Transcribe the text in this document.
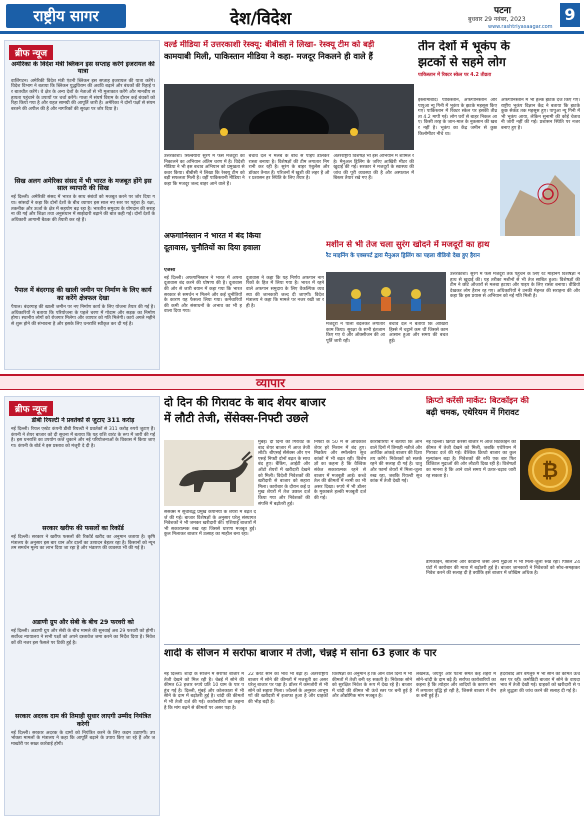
राष्ट्रीय सागर	देश/विदेश	पटना
बुधवार 29 नवंबर, 2023 9
www.rashtriyasaagar.com
ब्रीफ न्यूज
अमेरिका के विदेश मंत्री ब्लिंकन इस सप्ताह करेंगे इजरायल की यात्रा
वाशिंगटन। अमेरिकी विदेश मंत्री एंटनी ब्लिंकन इस सप्ताह इजरायल की यात्रा करेंगे। विदेश विभाग ने बताया कि ब्लिंकन युद्धविराम की अवधि बढ़ाने और बंधकों की रिहाई पर बातचीत करेंगे। वे क्षेत्र के अन्य देशों के नेताओं से भी मुलाकात करेंगे और मानवीय सहायता पहुंचाने के उपायों पर चर्चा करेंगे। गाजा में संघर्ष विराम के दौरान कई बंधकों को रिहा किया गया है और राहत सामग्री की आपूर्ति जारी है। अमेरिका ने दोनों पक्षों से संयम बरतने की अपील की है और नागरिकों की सुरक्षा पर जोर दिया है।
सिख अलग अमेरिका संसद में भी भारत के मजबूत होंगे इस साल व्यापारी की सिख
नई दिल्ली। अमेरिकी संसद में भारत के साथ संबंधों को मजबूत करने पर जोर दिया गया। सांसदों ने कहा कि दोनों देशों के बीच व्यापार इस साल नए स्तर पर पहुंचा है। रक्षा, तकनीक और ऊर्जा के क्षेत्र में सहयोग बढ़ रहा है। भारतीय समुदाय के योगदान की सराहना की गई और शिक्षा तथा अनुसंधान में साझेदारी बढ़ाने की बात कही गई। दोनों देशों के अधिकारी आगामी बैठक की तैयारी कर रहे हैं।
पैपाल में बंदरगाह की खाली जमीन पर निर्माण के लिए कार्य का करेंगे क्षेत्रफल देखा
पैपाल। बंदरगाह की खाली जमीन पर नए निर्माण कार्य के लिए योजना तैयार की गई है। अधिकारियों ने बताया कि परियोजना के पहले चरण में गोदाम और सड़क का निर्माण होगा। स्थानीय लोगों को रोजगार मिलेगा और व्यापार को गति मिलेगी। कार्य अगले महीने से शुरू होने की संभावना है और इसके लिए धनराशि स्वीकृत कर दी गई है।
वर्ल्ड मीडिया में उत्तरकाशी रेस्क्यू: बीबीसी ने लिखा- रेस्क्यू टीम को बड़ी
कामयाबी मिली, पाकिस्तान मीडिया ने कहा- मजदूर निकलने ही वाले हैं
उत्तरकाशी। सिल्क्यारा सुरंग में फंसे मजदूरों को निकालने का अभियान अंतिम चरण में है। विदेशी मीडिया ने भी इस बचाव अभियान को प्रमुखता से कवर किया। बीबीसी ने लिखा कि रेस्क्यू टीम को बड़ी सफलता मिली है। वहीं पाकिस्तानी मीडिया ने कहा कि मजदूर जल्द बाहर आने वाले हैं।
बचाव दल ने मलबे के बीच से पाइप डालकर रास्ता बनाया है। विशेषज्ञों की टीम लगातार निगरानी कर रही है। सुरंग के बाहर एंबुलेंस और डॉक्टर तैनात हैं। परिजनों में खुशी की लहर है और प्रशासन हर स्थिति के लिए तैयार है।
अंतरराष्ट्रीय विशेषज्ञ भी इस अभियान में शामिल रहे। मैनुअल ड्रिलिंग के जरिए आखिरी मीटर की खुदाई की गई। सरकार ने मजदूरों के स्वास्थ्य की जांच की पूरी व्यवस्था की है और अस्पताल में बिस्तर तैयार रखे गए हैं।
अफगानिस्तान ने भारत में बंद किया
दूतावास, चुनौतियों का दिया हवाला
एजेंसी
नई दिल्ली। अफगानिस्तान ने भारत में अपना दूतावास बंद करने की घोषणा की है। दूतावास की ओर से जारी बयान में कहा गया कि भारत सरकार से समर्थन न मिलने और कई चुनौतियों के कारण यह फैसला लिया गया। कर्मचारियों की कमी और संसाधनों के अभाव का भी हवाला दिया गया।
दूतावास ने कहा कि यह निर्णय अफगान नागरिकों के हित में लिया गया है। भारत में रहने वाले अफगान समुदाय के लिए वैकल्पिक व्यवस्था की जानकारी जल्द दी जाएगी। विदेश मंत्रालय ने कहा कि मामले पर नजर रखी जा रही है।
मशीन से भी तेज चला सुरंग खोदने में मजदूरों का हाथ
रैट माइनिंग के एक्सपर्ट द्वारा मैनुअल ड्रिलिंग का पहला वीडियो देख हुए हैरान
उत्तरकाशी। सुरंग में फंसे मजदूरों तक पहुंचने के लिए रैट माइनिंग विशेषज्ञों ने हाथ से खुदाई की। यह तरीका मशीनों से भी तेज साबित हुआ। विशेषज्ञों की टीम ने छोटे औजारों से मलबा हटाया और पाइप के लिए रास्ता बनाया। वीडियो देखकर लोग हैरान रह गए। अधिकारियों ने उनकी मेहनत की सराहना की और कहा कि इस प्रयास से अभियान को नई गति मिली है।
मजदूरों ने पाली बदलकर लगातार काम किया। सुरक्षा के सभी इंतजाम किए गए थे और ऑक्सीजन की आपूर्ति जारी रही।
बचाव दल ने बताया कि आखिरी हिस्से में चट्टानें कम थीं जिससे काम आसान हुआ और समय की बचत हुई।
तीन देशों में भूकंप के
झटकों से सहमे लोग
पाकिस्तान में रिक्टर स्केल पर 4.2 तीव्रता
इस्लामाबाद। पाकिस्तान, अफगानिस्तान और पापुआ न्यू गिनी में भूकंप के झटके महसूस किए गए। पाकिस्तान में रिक्टर स्केल पर इसकी तीव्रता 4.2 मापी गई। लोग घरों से बाहर निकल आए। किसी तरह के जान-माल के नुकसान की खबर नहीं है। भूकंप का केंद्र जमीन से कुछ किलोमीटर नीचे था।
अफगानिस्तान में भी हल्के झटके दर्ज किए गए। राष्ट्रीय भूकंप विज्ञान केंद्र ने बताया कि झटके कुछ सेकंड तक महसूस हुए। पापुआ न्यू गिनी में भी भूकंप आया, लेकिन सुनामी की कोई चेतावनी जारी नहीं की गई। प्रशासन स्थिति पर नजर बनाए हुए है।
व्यापार
ब्रीफ न्यूज
डीबी रियल्टी ने प्रवर्तकों से जुटाए 311 करोड़
नई दिल्ली। रियल एस्टेट कंपनी डीबी रियल्टी ने प्रवर्तकों से 311 करोड़ रुपये जुटाए हैं। कंपनी ने शेयर बाजार को दी सूचना में बताया कि यह राशि वारंट के रूप में जारी की गई है। इस धनराशि का उपयोग कर्ज चुकाने और नई परियोजनाओं के विकास में किया जाएगा। कंपनी के बोर्ड ने इस प्रस्ताव को मंजूरी दे दी है।
सरकार खरीफ की फसलों का रिकॉर्ड
नई दिल्ली। सरकार ने खरीफ फसलों की रिकॉर्ड खरीद का अनुमान जताया है। कृषि मंत्रालय के अनुसार इस बार धान और दालों का उत्पादन बेहतर रहा है। किसानों को न्यूनतम समर्थन मूल्य का लाभ दिया जा रहा है और भंडारण की व्यवस्था भी की गई है।
अडाणी ग्रुप और सेबी के बीच 29 फरवरी को
नई दिल्ली। अडाणी ग्रुप और सेबी के बीच मामले की सुनवाई अब 29 फरवरी को होगी। सर्वोच्च न्यायालय ने सभी पक्षों को अपने दस्तावेज जमा करने का निर्देश दिया है। निवेशकों की नजर इस फैसले पर टिकी हुई है।
सरकार अदरक दाम की तिमाही सुधार लाएगी उम्मीद नियंत्रित करेगी
नई दिल्ली। सरकार अदरक के दामों को नियंत्रित करने के लिए कदम उठाएगी। उपभोक्ता मामलों के मंत्रालय ने कहा कि आपूर्ति बढ़ाने के उपाय किए जा रहे हैं और जमाखोरी पर सख्त कार्रवाई होगी।
दो दिन की गिरावट के बाद शेयर बाजार
में लौटी तेजी, सेंसेक्स-निफ्टी उछले
मुंबई। दो दिनों की गिरावट के बाद शेयर बाजार में आज तेजी लौटी। बीएसई सेंसेक्स और एनएसई निफ्टी दोनों बढ़त के साथ बंद हुए। बैंकिंग, आईटी और ऑटो शेयरों में खरीदारी देखने को मिली। विदेशी निवेशकों की खरीदारी से बाजार को सहारा मिला। कारोबार के दौरान कई प्रमुख शेयरों में तेज उछाल दर्ज किया गया और निवेशकों की संपत्ति में बढ़ोतरी हुई।
निफ्टी के 50 में से अधिकांश शेयर हरे निशान में बंद हुए। मिडकैप और स्मॉलकैप सूचकांकों में भी बढ़त रही। विशेषज्ञों का कहना है कि वैश्विक संकेत सकारात्मक रहने से बाजार में मजबूती आई। कच्चे तेल की कीमतों में नरमी का भी असर दिखा। रुपये में भी डॉलर के मुकाबले हल्की मजबूती दर्ज की गई।
कारोबारियों ने बताया कि आने वाले दिनों में तिमाही नतीजे और आर्थिक आंकड़े बाजार की दिशा तय करेंगे। निवेशकों को सतर्क रहने की सलाह दी गई है। धातु और फार्मा शेयरों में मिला-जुला रुख रहा, जबकि रियल्टी सूचकांक में तेजी देखी गई।
सेंसेक्स में सूचीबद्ध प्रमुख कंपनियों के शेयरों में बढ़त दर्ज की गई। बाजार विशेषज्ञों के अनुसार घरेलू संस्थागत निवेशकों ने भी जमकर खरीदारी की। एशियाई बाजारों में भी सकारात्मक रुख रहा जिससे धारणा मजबूत हुई। कुल मिलाकर बाजार में उत्साह का माहौल बना रहा।
क्रिप्टो करेंसी मार्केट: बिटकॉइन की
बढ़ी चमक, एथेरियम में गिरावट
नई दिल्ली। क्रिप्टो करेंसी बाजार में आज बिटकॉइन की कीमत में तेजी देखने को मिली, जबकि एथेरियम में गिरावट दर्ज की गई। वैश्विक क्रिप्टो बाजार का कुल मूल्यांकन बढ़ा है। निवेशकों की रुचि एक बार फिर डिजिटल मुद्राओं की ओर लौटती दिख रही है। विशेषज्ञों का मानना है कि आने वाले समय में उतार-चढ़ाव जारी रह सकता है।	₿
डॉगकॉइन, सोलाना और कार्डानो जैसी अन्य मुद्राओं में भी मिला-जुला रुख रहा। पिछले 24 घंटों में कारोबार की मात्रा में बढ़ोतरी हुई है। बाजार जानकारों ने निवेशकों को सोच-समझकर निवेश करने की सलाह दी है क्योंकि इस बाजार में जोखिम अधिक है।
शादी के सीजन में सर्राफा बाजार में तेजी, चेन्नई में सोना 63 हजार के पार
नई दिल्ली। शादी के सीजन में सर्राफा बाजार में तेजी देखने को मिल रही है। चेन्नई में सोने की कीमत 63 हजार रुपये प्रति 10 ग्राम के पार पहुंच गई है। दिल्ली, मुंबई और कोलकाता में भी सोने के दाम में बढ़ोतरी हुई है। चांदी की कीमतों में भी तेजी दर्ज की गई। कारोबारियों का कहना है कि मांग बढ़ने से कीमतों पर असर पड़ा है।
22 कैरेट सोने का भाव भी बढ़ा है। अंतरराष्ट्रीय बाजार में सोने की कीमतों में मजबूती का असर घरेलू बाजार पर पड़ा है। डॉलर में कमजोरी से भी सोने को सहारा मिला। ज्वैलर्स के अनुसार आभूषणों की खरीदारी में इजाफा हुआ है और ग्राहकों की भीड़ बढ़ी है।
विशेषज्ञों का अनुमान है कि आने वाले दिनों में भी कीमतों में तेजी बनी रह सकती है। निवेशक सोने को सुरक्षित निवेश के रूप में देख रहे हैं। बाजार में चांदी की कीमत भी ऊंचे स्तर पर बनी हुई है और औद्योगिक मांग मजबूत है।
लखनऊ, जयपुर और पटना समेत कई शहरों में सोने-चांदी के दाम बढ़े हैं। सर्राफा कारोबारियों का कहना है कि त्योहार और शादियों के कारण मांग में लगातार वृद्धि हो रही है, जिससे बाजार में रौनक बनी हुई है।
हैदराबाद और बेंगलुरु में भी सोने की कीमत ऊंचे स्तर पर रही। कमोडिटी बाजार में सोने के वायदा भाव में तेजी देखी गई। ग्राहकों को खरीदारी से पहले शुद्धता की जांच करने की सलाह दी गई है।
